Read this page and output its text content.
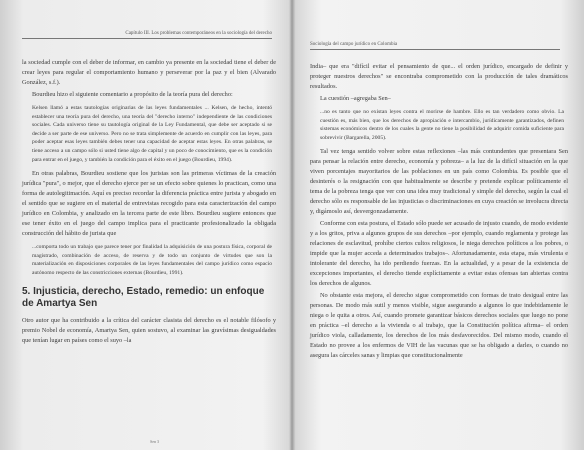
Capítulo III. Los problemas contemporáneos en la sociología del derecho

la sociedad cumple con el deber de informar, en cambio ya presente en la sociedad tiene el deber de crear leyes para regular el comportamiento humano y perseverar por la paz y el bien (Alvarado González, s.f.).

Bourdieu hizo el siguiente comentario a propósito de la teoría pura del derecho:

Kelsen llamó a estas tautologías originarias de las leyes fundamentales ... Kelsen, de hecho, intentó establecer una teoría pura del derecho, una teoría del "derecho interno" independiente de las condiciones sociales. Cada universo tiene su tautología original de la Ley Fundamental, que debe ser aceptado si se decide a ser parte de ese universo. Pero no se trata simplemente de acuerdo en cumplir con las leyes, para poder aceptar esas leyes también debes tener una capacidad de aceptar estas leyes. En otras palabras, se tiene acceso a un campo sólo si usted tiene algo de capital y un poco de conocimiento, que es la condición para entrar en el juego, y también la condición para el éxito en el juego (Bourdieu, 1994).

En otras palabras, Bourdieu sostiene que los juristas son las primeras víctimas de la creación jurídica "pura", o mejor, que el derecho ejerce per se un efecto sobre quienes lo practican, como una forma de autolegitimación. Aquí es preciso recordar la diferencia práctica entre jurista y abogado en el sentido que se sugiere en el material de entrevistas recogido para esta caracterización del campo jurídico en Colombia, y analizado en la tercera parte de este libro. Bourdieu sugiere entonces que ese tener éxito en el juego del campo implica para el practicante profesionalizado la obligada construcción del hábito de jurista que

...comporta todo un trabajo que parece tener por finalidad la adquisición de una postura física, corporal de magistrado, combinación de acceso, de reserva y de todo un conjunto de virtudes que son la materialización en disposiciones corporales de las leyes fundamentales del campo jurídico como espacio autónomo respecto de las constricciones externas (Bourdieu, 1991).
5. Injusticia, derecho, Estado, remedio: un enfoque de Amartya Sen

Otro autor que ha contribuido a la crítica del carácter clasista del derecho es el notable filósofo y premio Nobel de economía, Amartya Sen, quien sostuvo, al examinar las gravísimas desigualdades que tenían lugar en países como el suyo –la

Sen 3
Sociología del campo jurídico en Colombia

India– que era "difícil evitar el pensamiento de que... el orden jurídico, encargado de definir y proteger nuestros derechos" se encontraba comprometido con la producción de tales dramáticos resultados.

La cuestión –agregaba Sen–

...no es tanto que no existan leyes contra el morirse de hambre. Ello es tan verdadero como obvio. La cuestión es, más bien, que los derechos de apropiación e intercambio, jurídicamente garantizados, definen sistemas económicos dentro de los cuales la gente no tiene la posibilidad de adquirir comida suficiente para sobrevivir (Bargarella, 2005).

Tal vez tenga sentido volver sobre estas reflexiones –las más contundentes que presentara Sen para pensar la relación entre derecho, economía y pobreza– a la luz de la difícil situación en la que viven porcentajes mayoritarios de las poblaciones en un país como Colombia. Es posible que el desinterés o la resignación con que habitualmente se describe y pretende explicar políticamente el tema de la pobreza tenga que ver con una idea muy tradicional y simple del derecho, según la cual el derecho sólo es responsable de las injusticias o discriminaciones en cuya creación se involucra directa y, digámoslo así, desvergonzadamente.

Conforme con esta postura, el Estado sólo puede ser acusado de injusto cuando, de modo evidente y a los gritos, priva a algunos grupos de sus derechos –por ejemplo, cuando reglamenta y protege las relaciones de esclavitud, prohíbe ciertos cultos religiosos, le niega derechos políticos a los pobres, o impide que la mujer acceda a determinados trabajos–. Afortunadamente, esta etapa, más virulenta e intolerante del derecho, ha ido perdiendo fuerzas. En la actualidad, y a pesar de la existencia de excepciones importantes, el derecho tiende explícitamente a evitar estas ofensas tan abiertas contra los derechos de algunos.

No obstante esta mejora, el derecho sigue comprometido con formas de trato desigual entre las personas. De modo más sutil y menos visible, sigue asegurando a algunos lo que indebidamente le niega o le quita a otros. Así, cuando promete garantizar básicos derechos sociales que luego no pone en práctica –el derecho a la vivienda o al trabajo, que la Constitución política afirma– el orden jurídico viola, calladamente, los derechos de los más desfavorecidos. Del mismo modo, cuando el Estado no provee a los enfermos de VIH de las vacunas que se ha obligado a darles, o cuando no asegura las cárceles sanas y limpias que constitucionalmente
